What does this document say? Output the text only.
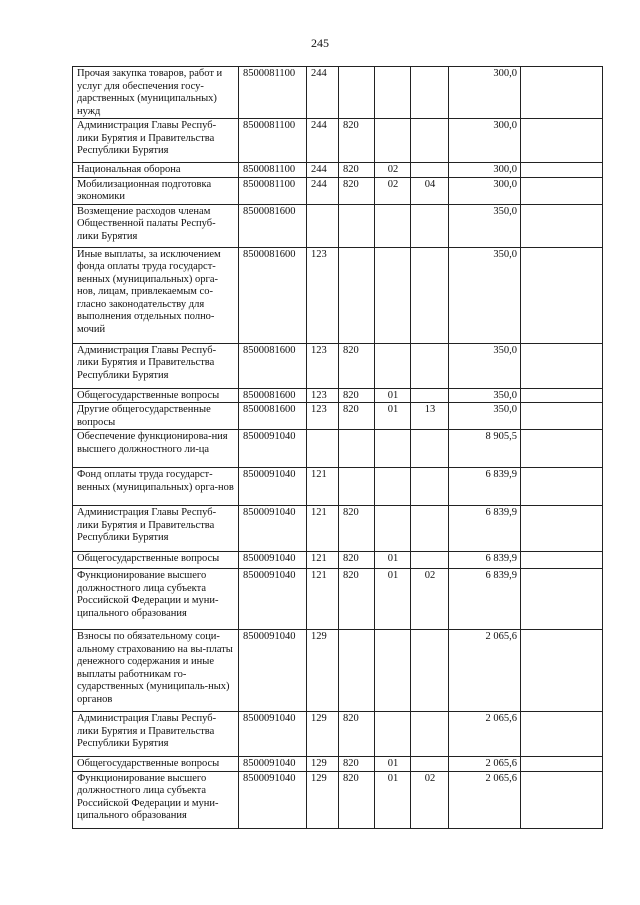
245
Прочая закупка товаров, работ и услуг для обеспечения госу-дарственных (муниципальных) нужд	8500081100	244				300,0	
Администрация Главы Респуб-лики Бурятия и Правительства Республики Бурятия	8500081100	244	820			300,0	
Национальная оборона	8500081100	244	820	02		300,0	
Мобилизационная подготовка экономики	8500081100	244	820	02	04	300,0	
Возмещение расходов членам Общественной палаты Респуб-лики Бурятия	8500081600					350,0	
Иные выплаты, за исключением фонда оплаты труда государст-венных (муниципальных) орга-нов, лицам, привлекаемым со-гласно законодательству для выполнения отдельных полно-мочий	8500081600	123				350,0	
Администрация Главы Респуб-лики Бурятия и Правительства Республики Бурятия	8500081600	123	820			350,0	
Общегосударственные вопросы	8500081600	123	820	01		350,0	
Другие общегосударственные вопросы	8500081600	123	820	01	13	350,0	
Обеспечение функционирова-ния высшего должностного ли-ца	8500091040					8 905,5	
Фонд оплаты труда государст-венных (муниципальных) орга-нов	8500091040	121				6 839,9	
Администрация Главы Респуб-лики Бурятия и Правительства Республики Бурятия	8500091040	121	820			6 839,9	
Общегосударственные вопросы	8500091040	121	820	01		6 839,9	
Функционирование высшего должностного лица субъекта Российской Федерации и муни-ципального образования	8500091040	121	820	01	02	6 839,9	
Взносы по обязательному соци-альному страхованию на вы-платы денежного содержания и иные выплаты работникам го-сударственных (муниципаль-ных) органов	8500091040	129				2 065,6	
Администрация Главы Респуб-лики Бурятия и Правительства Республики Бурятия	8500091040	129	820			2 065,6	
Общегосударственные вопросы	8500091040	129	820	01		2 065,6	
Функционирование высшего должностного лица субъекта Российской Федерации и муни-ципального образования	8500091040	129	820	01	02	2 065,6	
